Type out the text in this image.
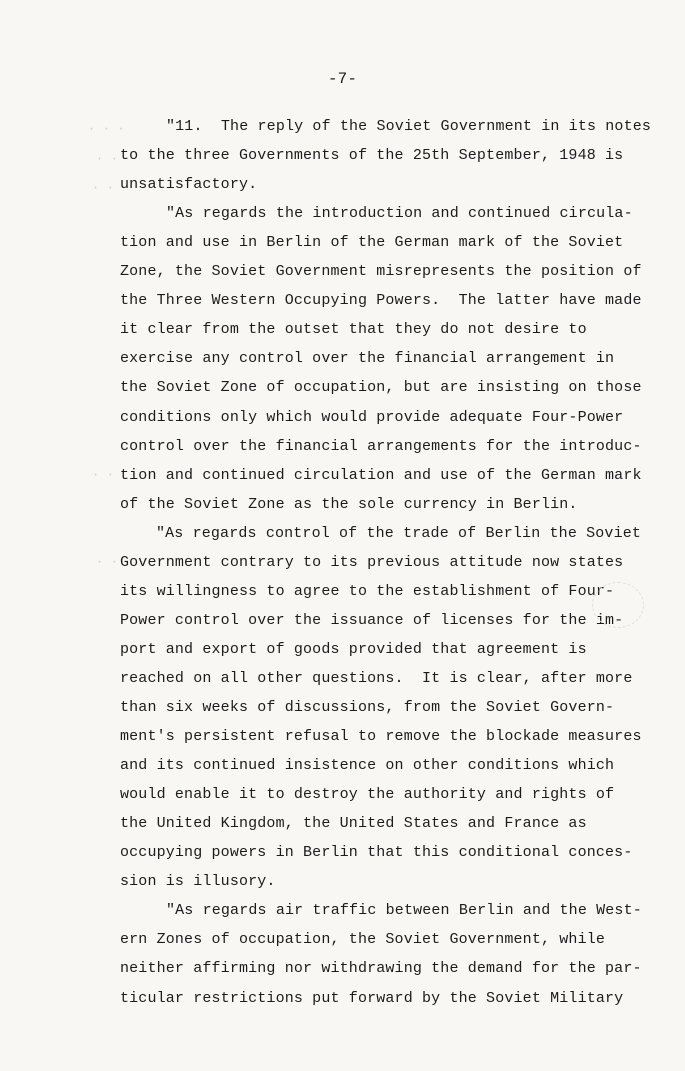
-7-
"11.  The reply of the Soviet Government in its notes
to the three Governments of the 25th September, 1948 is
unsatisfactory.
"As regards the introduction and continued circula-
tion and use in Berlin of the German mark of the Soviet
Zone, the Soviet Government misrepresents the position of
the Three Western Occupying Powers.  The latter have made
it clear from the outset that they do not desire to
exercise any control over the financial arrangement in
the Soviet Zone of occupation, but are insisting on those
conditions only which would provide adequate Four-Power
control over the financial arrangements for the introduc-
tion and continued circulation and use of the German mark
of the Soviet Zone as the sole currency in Berlin.
"As regards control of the trade of Berlin the Soviet
Government contrary to its previous attitude now states
its willingness to agree to the establishment of Four-
Power control over the issuance of licenses for the im-
port and export of goods provided that agreement is
reached on all other questions.  It is clear, after more
than six weeks of discussions, from the Soviet Govern-
ment's persistent refusal to remove the blockade measures
and its continued insistence on other conditions which
would enable it to destroy the authority and rights of
the United Kingdom, the United States and France as
occupying powers in Berlin that this conditional conces-
sion is illusory.
"As regards air traffic between Berlin and the West-
ern Zones of occupation, the Soviet Government, while
neither affirming nor withdrawing the demand for the par-
ticular restrictions put forward by the Soviet Military
· · ·
· ·
· ·
· ·
· ·
